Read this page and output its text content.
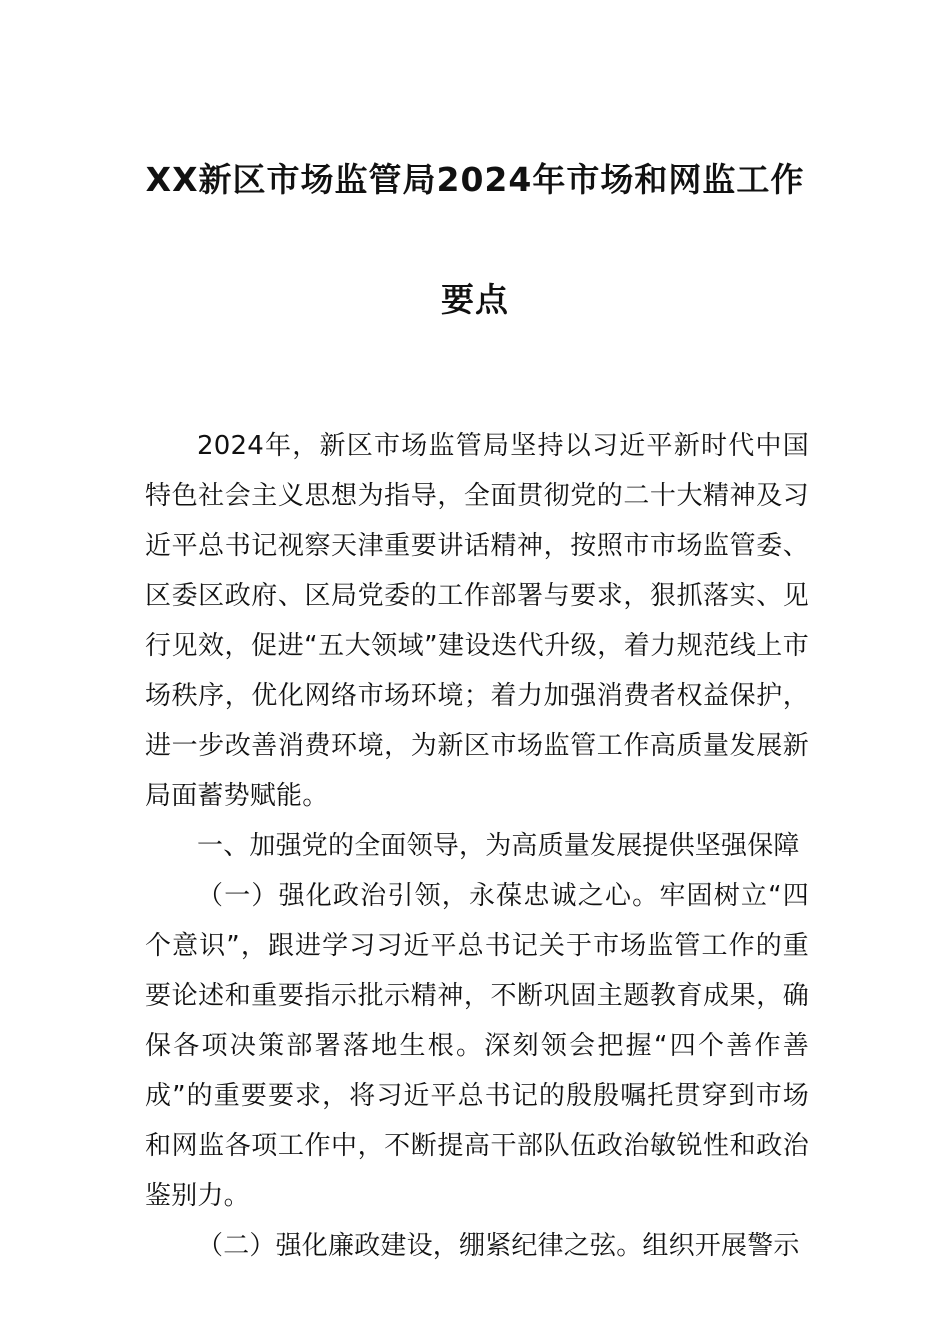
XX新区市场监管局2024年市场和网监工作
要点

2024年，新区市场监管局坚持以习近平新时代中国特色社会主义思想为指导，全面贯彻党的二十大精神及习近平总书记视察天津重要讲话精神，按照市市场监管委、区委区政府、区局党委的工作部署与要求，狠抓落实、见行见效，促进“五大领域”建设迭代升级，着力规范线上市场秩序，优化网络市场环境；着力加强消费者权益保护，进一步改善消费环境，为新区市场监管工作高质量发展新局面蓄势赋能。

一、加强党的全面领导，为高质量发展提供坚强保障

（一）强化政治引领，永葆忠诚之心。牢固树立“四个意识”，跟进学习习近平总书记关于市场监管工作的重要论述和重要指示批示精神，不断巩固主题教育成果，确保各项决策部署落地生根。深刻领会把握“四个善作善成”的重要要求，将习近平总书记的殷殷嘱托贯穿到市场和网监各项工作中，不断提高干部队伍政治敏锐性和政治鉴别力。

（二）强化廉政建设，绷紧纪律之弦。组织开展警示
